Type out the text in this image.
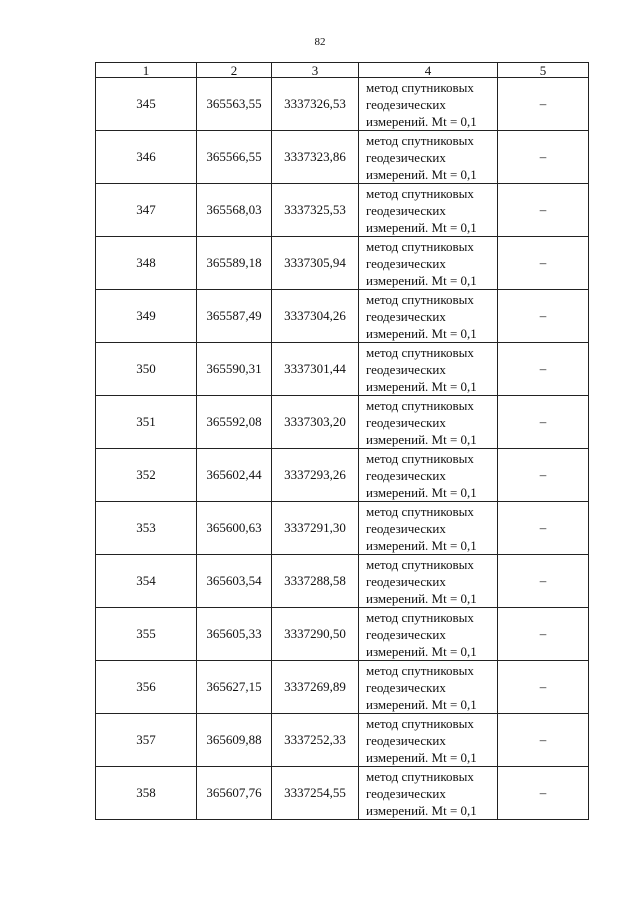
82
1	2	3	4	5
345	365563,55	3337326,53	метод спутниковых
геодезических
измерений. Mt = 0,1	–
346	365566,55	3337323,86	метод спутниковых
геодезических
измерений. Mt = 0,1	–
347	365568,03	3337325,53	метод спутниковых
геодезических
измерений. Mt = 0,1	–
348	365589,18	3337305,94	метод спутниковых
геодезических
измерений. Mt = 0,1	–
349	365587,49	3337304,26	метод спутниковых
геодезических
измерений. Mt = 0,1	–
350	365590,31	3337301,44	метод спутниковых
геодезических
измерений. Mt = 0,1	–
351	365592,08	3337303,20	метод спутниковых
геодезических
измерений. Mt = 0,1	–
352	365602,44	3337293,26	метод спутниковых
геодезических
измерений. Mt = 0,1	–
353	365600,63	3337291,30	метод спутниковых
геодезических
измерений. Mt = 0,1	–
354	365603,54	3337288,58	метод спутниковых
геодезических
измерений. Mt = 0,1	–
355	365605,33	3337290,50	метод спутниковых
геодезических
измерений. Mt = 0,1	–
356	365627,15	3337269,89	метод спутниковых
геодезических
измерений. Mt = 0,1	–
357	365609,88	3337252,33	метод спутниковых
геодезических
измерений. Mt = 0,1	–
358	365607,76	3337254,55	метод спутниковых
геодезических
измерений. Mt = 0,1	–
